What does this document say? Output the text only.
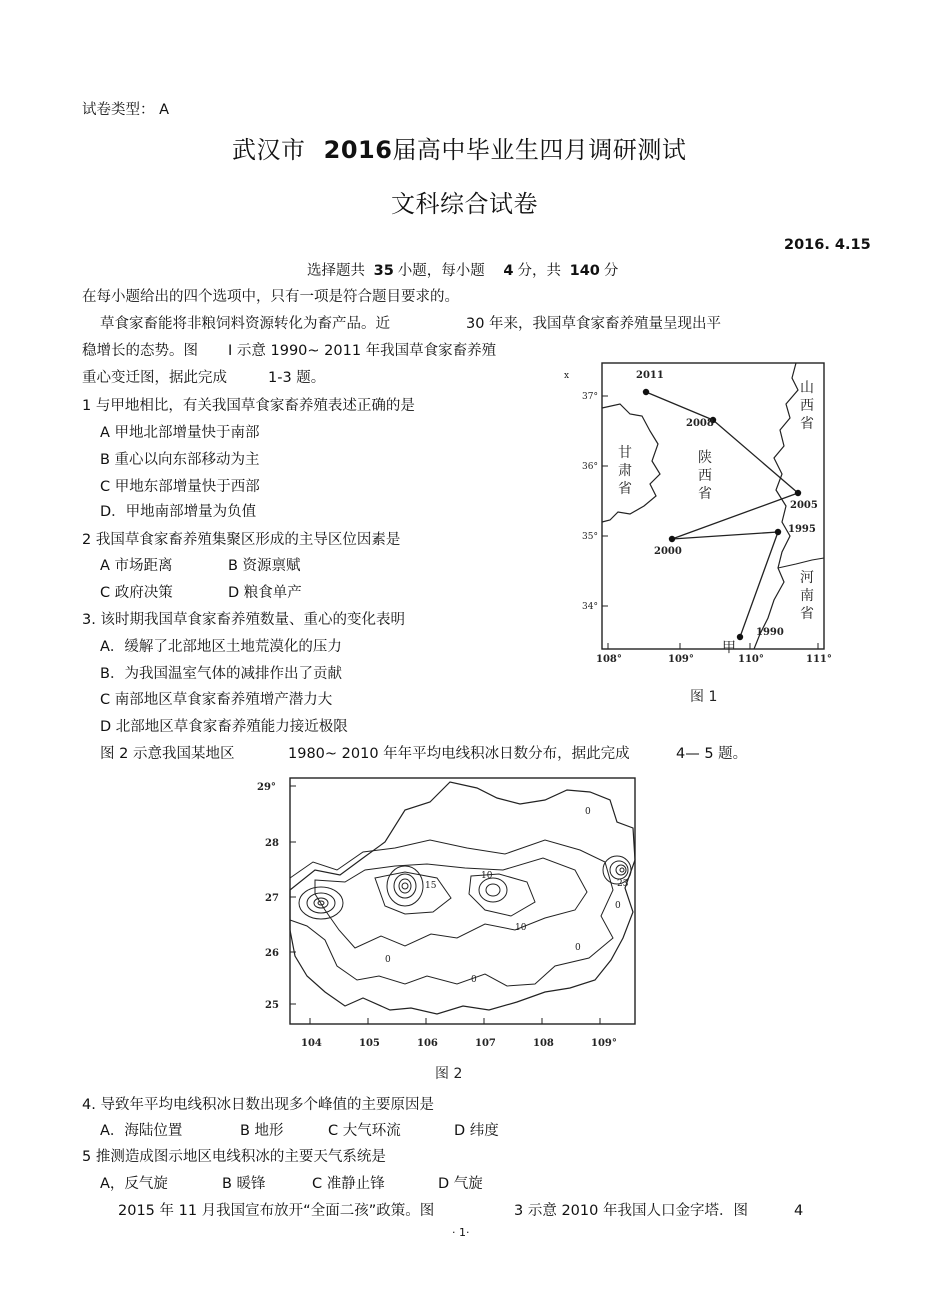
试卷类型： A
武汉市 2016届高中毕业生四月调研测试
文科综合试卷
2016. 4.15
选择题共 35 小题，每小题 4 分，共 140 分
在每小题给出的四个选项中，只有一项是符合题目要求的。
草食家畜能将非粮饲料资源转化为畜产品。近	30 年来，我国草食家畜养殖量呈现出平
稳增长的态势。图 I 示意 1990~ 2011 年我国草食家畜养殖
重心变迁图，据此完成	1-3 题。
1 与甲地相比，有关我国草食家畜养殖表述正确的是
A 甲地北部增量快于南部
B 重心以向东部移动为主
C 甲地东部增量快于西部
D．甲地南部增量为负值
2 我国草食家畜养殖集聚区形成的主导区位因素是
A 市场距离	B 资源禀赋
C 政府决策	D 粮食单产
3. 该时期我国草食家畜养殖数量、重心的变化表明
A．缓解了北部地区土地荒漠化的压力
B．为我国温室气体的减排作出了贡献
C 南部地区草食家畜养殖增产潜力大
D 北部地区草食家畜养殖能力接近极限
图 2 示意我国某地区	1980~ 2010 年年平均电线积冰日数分布，据此完成	4— 5 题。
x
37°
36°
35°
34°
108°	109°	110°	111°
2011
2008
2005
1995
2000
1990
甲
甘
肃
省
陕
西
省
山
西
省
河
南
省
图 1
29°
28
27
26
25
104	105	106	107	108	109°
0
15
10
10
0
0
0
23
0
图 2
4. 导致年平均电线积冰日数出现多个峰值的主要原因是
A．海陆位置	B 地形	C 大气环流	D 纬度
5 推测造成图示地区电线积冰的主要天气系统是
A，反气旋	B 暖锋	C 准静止锋	D 气旋
2015 年 11 月我国宣布放开“全面二孩”政策。图	3 示意 2010 年我国人口金字塔．图	4
· 1·
